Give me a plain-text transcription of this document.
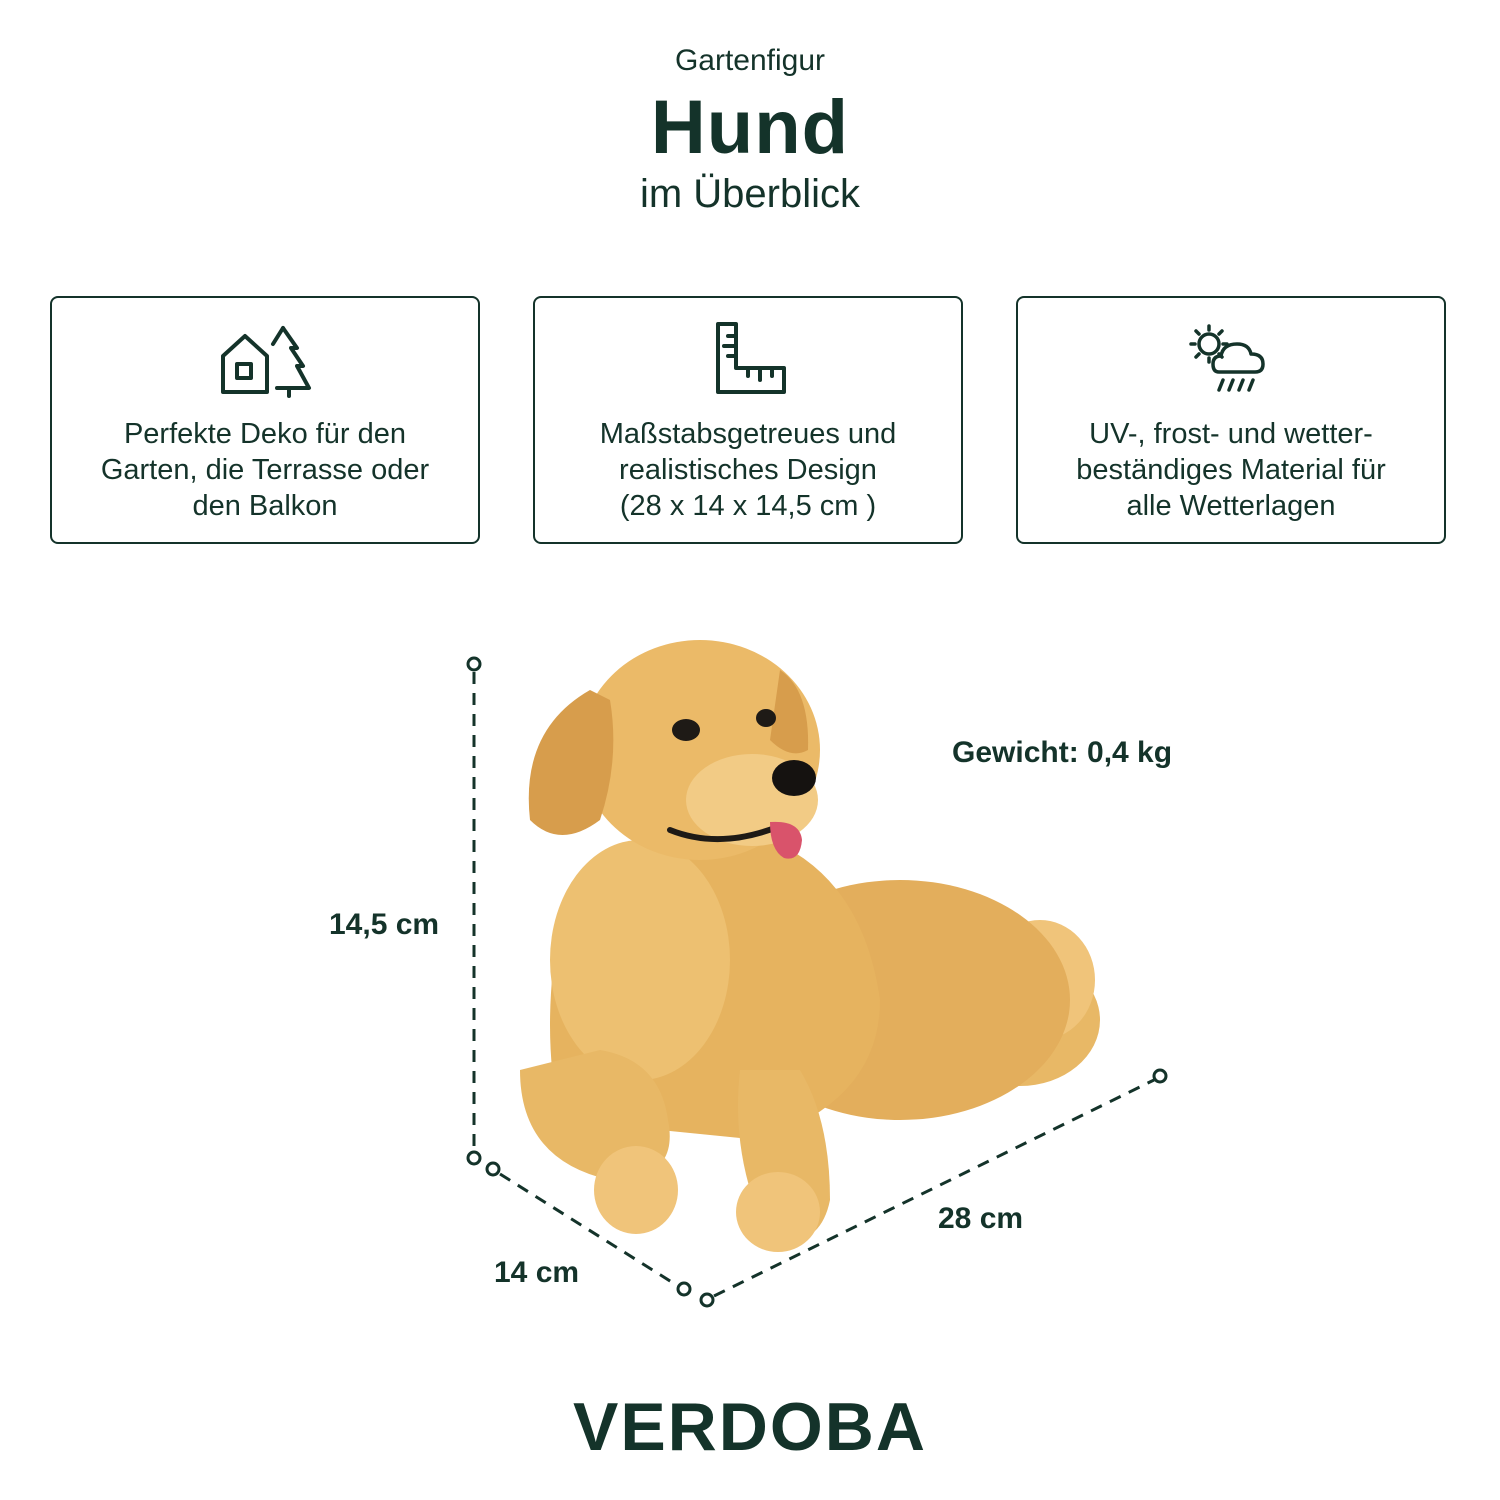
Gartenfigur
Hund
im Überblick
Perfekte Deko für den
Garten, die Terrasse oder
den Balkon
Maßstabsgetreues und
realistisches Design
(28 x 14 x 14,5 cm )
UV-, frost- und wetter-
beständiges Material für
alle Wetterlagen
Gewicht: 0,4 kg
14,5 cm
28 cm
14 cm
VERDOBA
